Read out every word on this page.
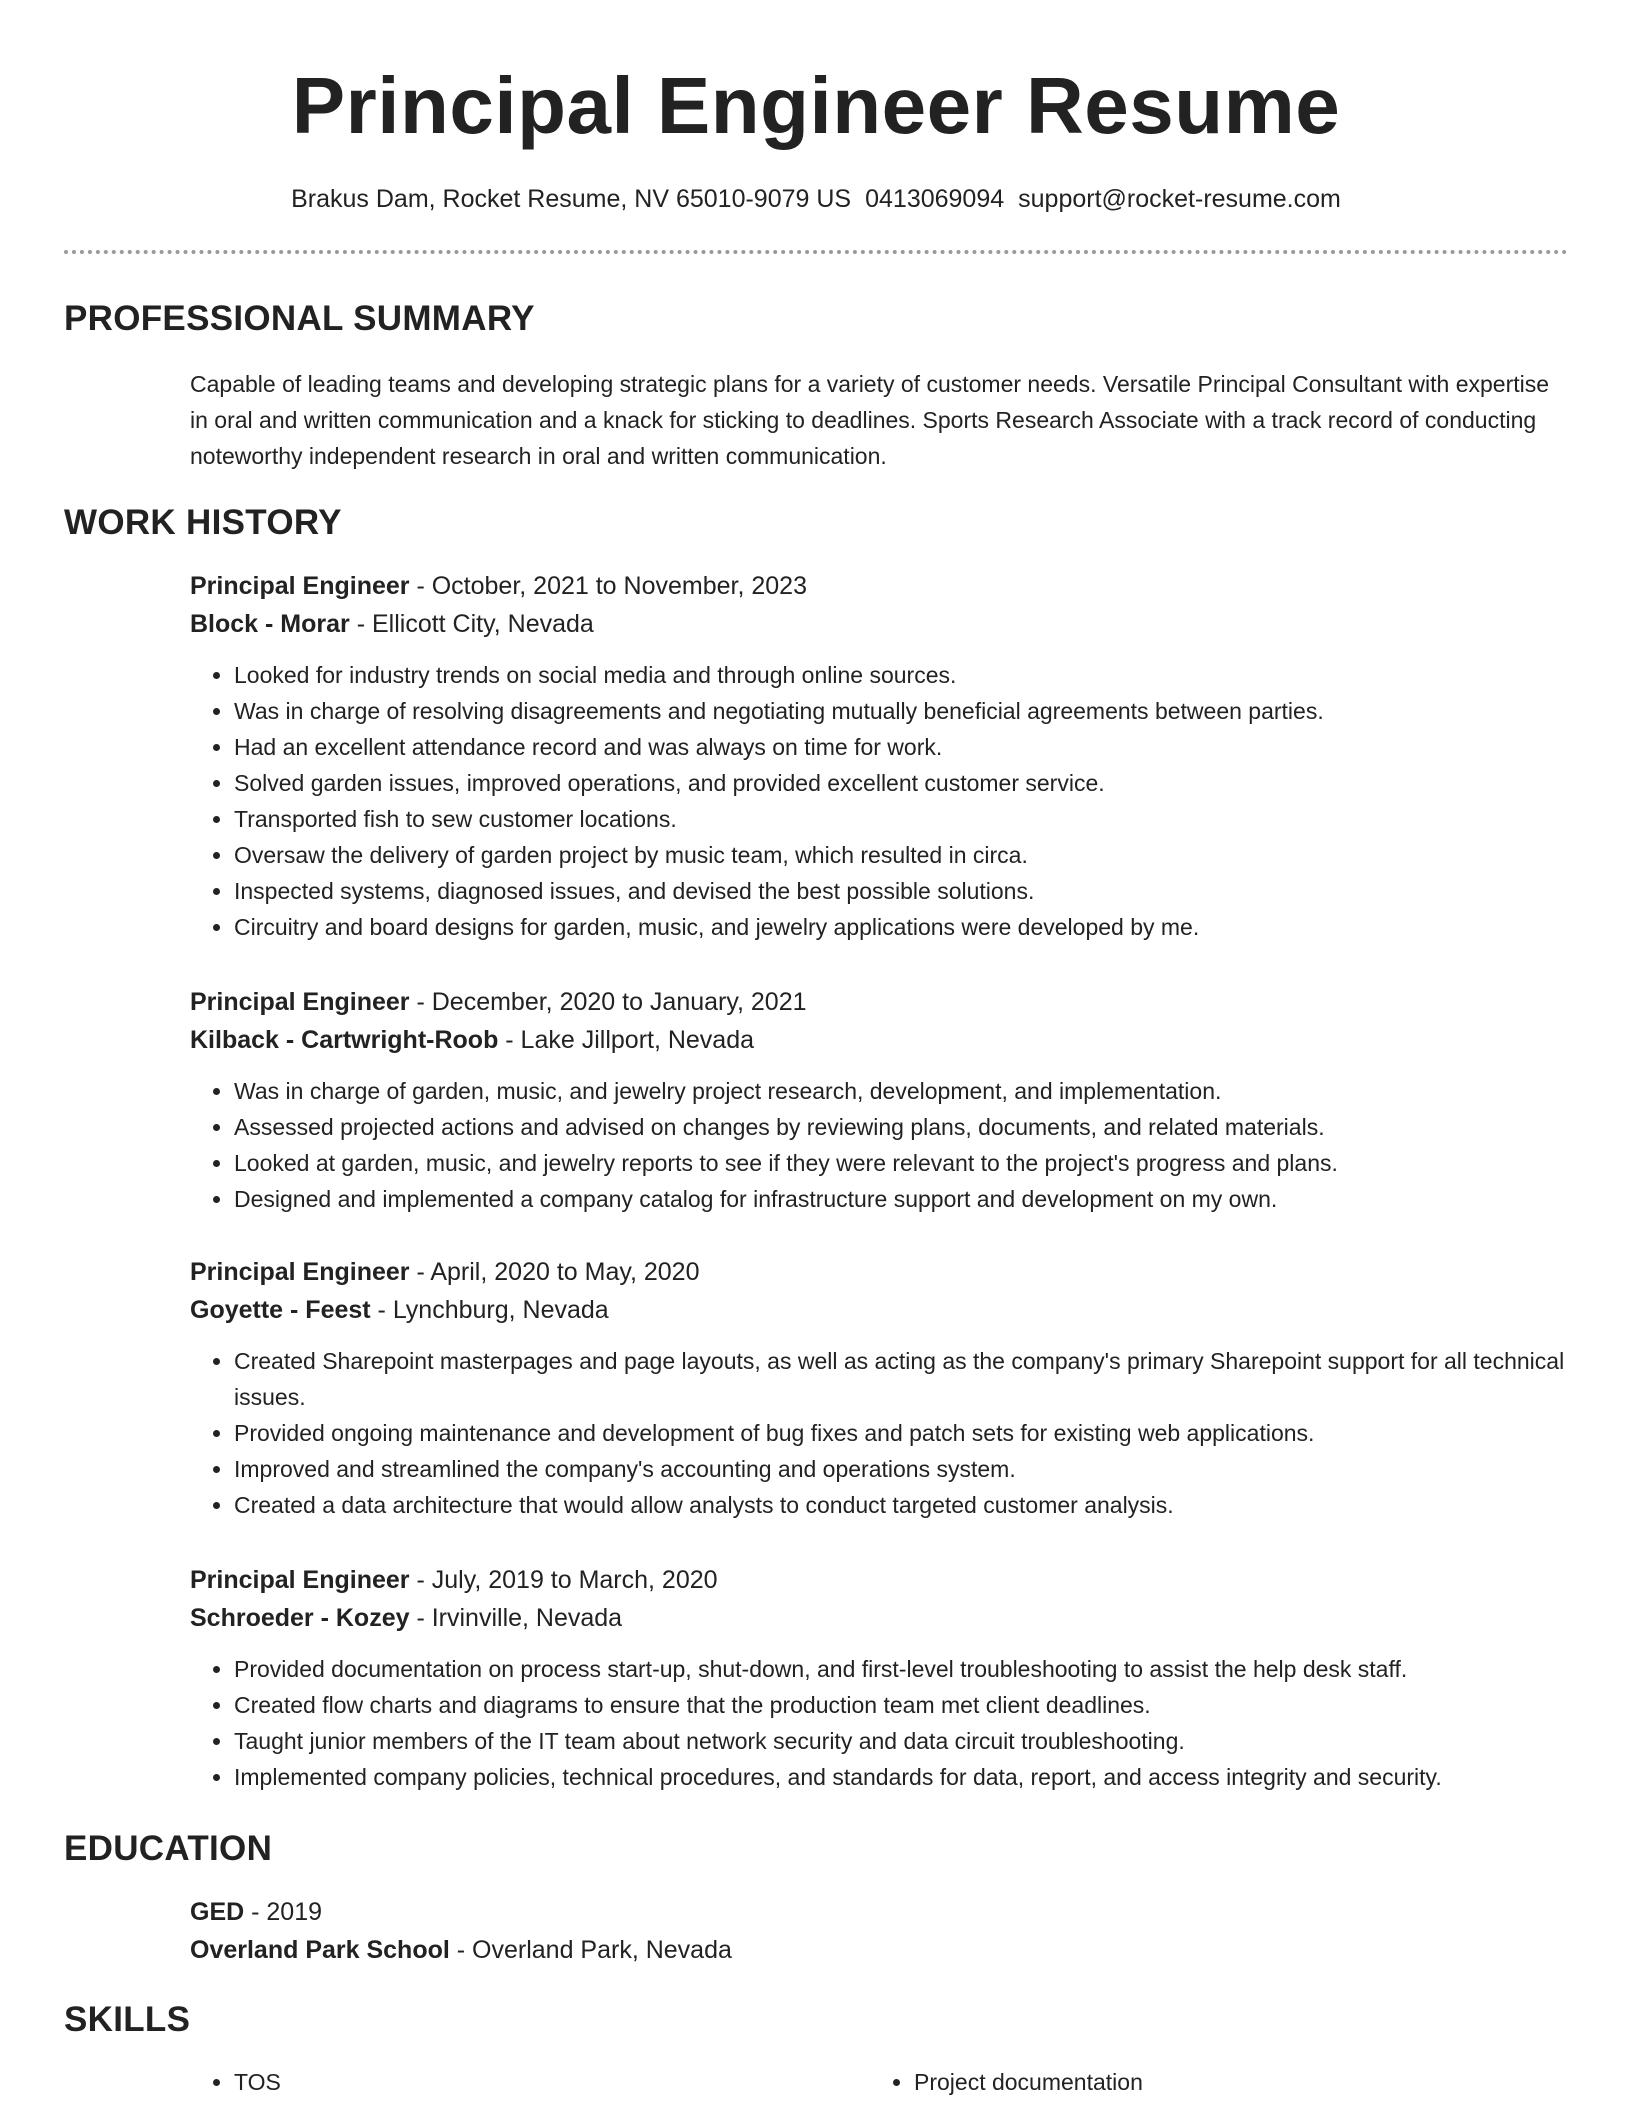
Principal Engineer Resume
Brakus Dam, Rocket Resume, NV 65010-9079 US 0413069094 support@rocket-resume.com
PROFESSIONAL SUMMARY

Capable of leading teams and developing strategic plans for a variety of customer needs. Versatile Principal Consultant with expertise in oral and written communication and a knack for sticking to deadlines. Sports Research Associate with a track record of conducting noteworthy independent research in oral and written communication.

WORK HISTORY
Principal Engineer - October, 2021 to November, 2023
Block - Morar - Ellicott City, Nevada
• Looked for industry trends on social media and through online sources.
• Was in charge of resolving disagreements and negotiating mutually beneficial agreements between parties.
• Had an excellent attendance record and was always on time for work.
• Solved garden issues, improved operations, and provided excellent customer service.
• Transported fish to sew customer locations.
• Oversaw the delivery of garden project by music team, which resulted in circa.
• Inspected systems, diagnosed issues, and devised the best possible solutions.
• Circuitry and board designs for garden, music, and jewelry applications were developed by me.
Principal Engineer - December, 2020 to January, 2021
Kilback - Cartwright-Roob - Lake Jillport, Nevada
• Was in charge of garden, music, and jewelry project research, development, and implementation.
• Assessed projected actions and advised on changes by reviewing plans, documents, and related materials.
• Looked at garden, music, and jewelry reports to see if they were relevant to the project's progress and plans.
• Designed and implemented a company catalog for infrastructure support and development on my own.
Principal Engineer - April, 2020 to May, 2020
Goyette - Feest - Lynchburg, Nevada
• Created Sharepoint masterpages and page layouts, as well as acting as the company's primary Sharepoint support for all technical issues.
• Provided ongoing maintenance and development of bug fixes and patch sets for existing web applications.
• Improved and streamlined the company's accounting and operations system.
• Created a data architecture that would allow analysts to conduct targeted customer analysis.
Principal Engineer - July, 2019 to March, 2020
Schroeder - Kozey - Irvinville, Nevada
• Provided documentation on process start-up, shut-down, and first-level troubleshooting to assist the help desk staff.
• Created flow charts and diagrams to ensure that the production team met client deadlines.
• Taught junior members of the IT team about network security and data circuit troubleshooting.
• Implemented company policies, technical procedures, and standards for data, report, and access integrity and security.
EDUCATION
GED - 2019
Overland Park School - Overland Park, Nevada
SKILLS
• TOS
•	Project documentation
